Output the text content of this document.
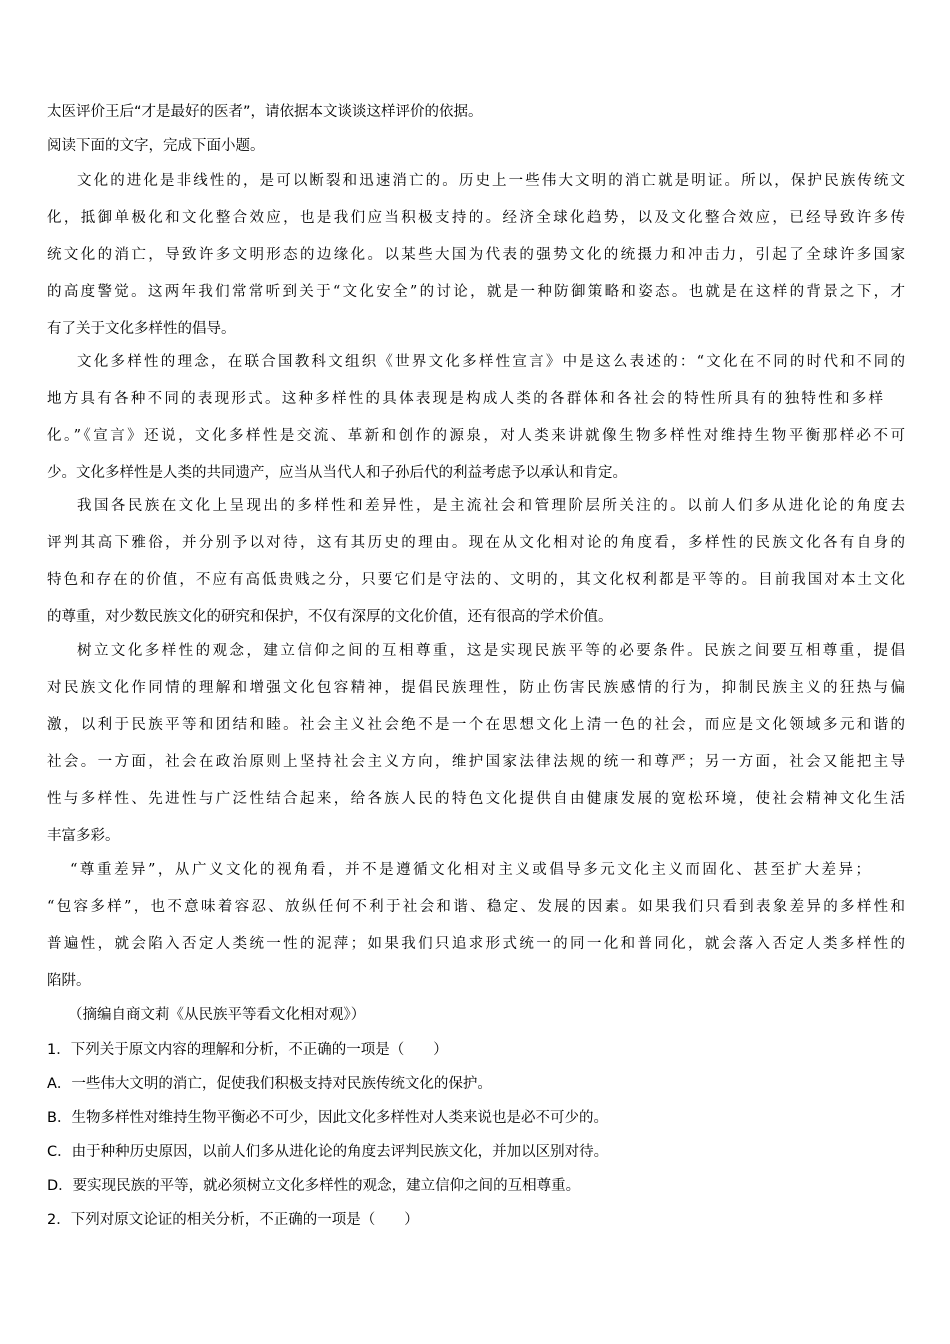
太医评价王后“才是最好的医者”，请依据本文谈谈这样评价的依据。
阅读下面的文字，完成下面小题。
文化的进化是非线性的，是可以断裂和迅速消亡的。历史上一些伟大文明的消亡就是明证。所以，保护民族传统文
化，抵御单极化和文化整合效应，也是我们应当积极支持的。经济全球化趋势，以及文化整合效应，已经导致许多传
统文化的消亡，导致许多文明形态的边缘化。以某些大国为代表的强势文化的统摄力和冲击力，引起了全球许多国家
的高度警觉。这两年我们常常听到关于“文化安全”的讨论，就是一种防御策略和姿态。也就是在这样的背景之下，才
有了关于文化多样性的倡导。
文化多样性的理念，在联合国教科文组织《世界文化多样性宣言》中是这么表述的：“文化在不同的时代和不同的
地方具有各种不同的表现形式。这种多样性的具体表现是构成人类的各群体和各社会的特性所具有的独特性和多样
化。”《宣言》还说，文化多样性是交流、革新和创作的源泉，对人类来讲就像生物多样性对维持生物平衡那样必不可
少。文化多样性是人类的共同遗产，应当从当代人和子孙后代的利益考虑予以承认和肯定。
我国各民族在文化上呈现出的多样性和差异性，是主流社会和管理阶层所关注的。以前人们多从进化论的角度去
评判其高下雅俗，并分别予以对待，这有其历史的理由。现在从文化相对论的角度看，多样性的民族文化各有自身的
特色和存在的价值，不应有高低贵贱之分，只要它们是守法的、文明的，其文化权利都是平等的。目前我国对本土文化
的尊重，对少数民族文化的研究和保护，不仅有深厚的文化价值，还有很高的学术价值。
树立文化多样性的观念，建立信仰之间的互相尊重，这是实现民族平等的必要条件。民族之间要互相尊重，提倡
对民族文化作同情的理解和增强文化包容精神，提倡民族理性，防止伤害民族感情的行为，抑制民族主义的狂热与偏
激，以利于民族平等和团结和睦。社会主义社会绝不是一个在思想文化上清一色的社会，而应是文化领域多元和谐的
社会。一方面，社会在政治原则上坚持社会主义方向，维护国家法律法规的统一和尊严；另一方面，社会又能把主导
性与多样性、先进性与广泛性结合起来，给各族人民的特色文化提供自由健康发展的宽松环境，使社会精神文化生活
丰富多彩。
“尊重差异”，从广义文化的视角看，并不是遵循文化相对主义或倡导多元文化主义而固化、甚至扩大差异；
“包容多样”，也不意味着容忍、放纵任何不利于社会和谐、稳定、发展的因素。如果我们只看到表象差异的多样性和
普遍性，就会陷入否定人类统一性的泥萍；如果我们只追求形式统一的同一化和普同化，就会落入否定人类多样性的
陷阱。
（摘编自商文莉《从民族平等看文化相对观》）
1．下列关于原文内容的理解和分析，不正确的一项是（　　）
A．一些伟大文明的消亡，促使我们积极支持对民族传统文化的保护。
B．生物多样性对维持生物平衡必不可少，因此文化多样性对人类来说也是必不可少的。
C．由于种种历史原因，以前人们多从进化论的角度去评判民族文化，并加以区别对待。
D．要实现民族的平等，就必须树立文化多样性的观念，建立信仰之间的互相尊重。
2．下列对原文论证的相关分析，不正确的一项是（　　）
